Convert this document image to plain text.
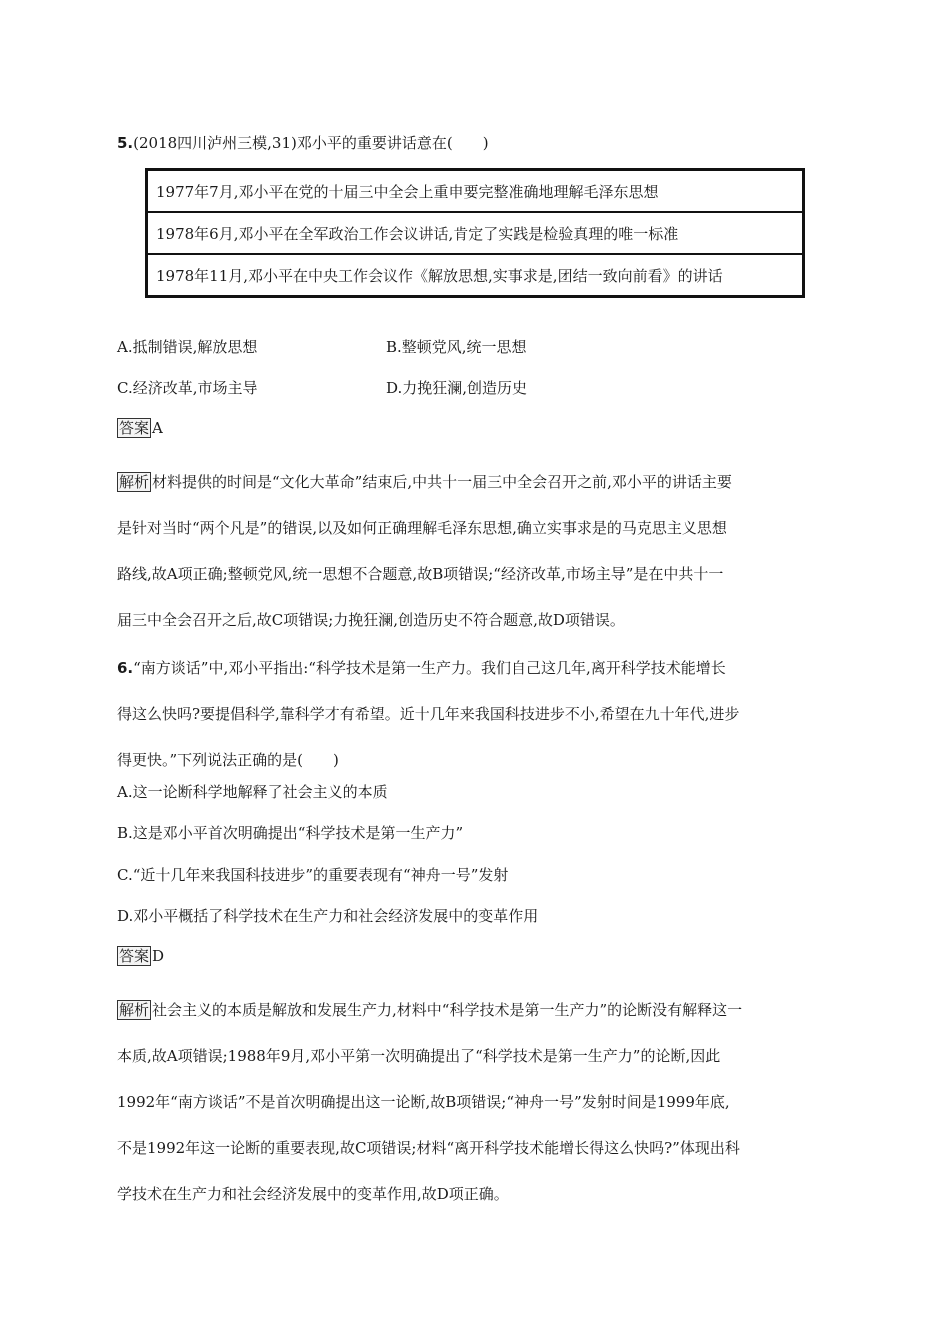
5.(2018四川泸州三模,31)邓小平的重要讲话意在(　　)
1977年7月,邓小平在党的十届三中全会上重申要完整准确地理解毛泽东思想
1978年6月,邓小平在全军政治工作会议讲话,肯定了实践是检验真理的唯一标准
1978年11月,邓小平在中央工作会议作《解放思想,实事求是,团结一致向前看》的讲话
A.抵制错误,解放思想	B.整顿党风,统一思想
C.经济改革,市场主导	D.力挽狂澜,创造历史
答案 A
解析 材料提供的时间是“文化大革命”结束后,中共十一届三中全会召开之前,邓小平的讲话主要
是针对当时“两个凡是”的错误,以及如何正确理解毛泽东思想,确立实事求是的马克思主义思想
路线,故A项正确;整顿党风,统一思想不合题意,故B项错误;“经济改革,市场主导”是在中共十一
届三中全会召开之后,故C项错误;力挽狂澜,创造历史不符合题意,故D项错误。
6.“南方谈话”中,邓小平指出:“科学技术是第一生产力。我们自己这几年,离开科学技术能增长
得这么快吗?要提倡科学,靠科学才有希望。近十几年来我国科技进步不小,希望在九十年代,进步
得更快。”下列说法正确的是(　　)
A.这一论断科学地解释了社会主义的本质
B.这是邓小平首次明确提出“科学技术是第一生产力”
C.“近十几年来我国科技进步”的重要表现有“神舟一号”发射
D.邓小平概括了科学技术在生产力和社会经济发展中的变革作用
答案 D
解析 社会主义的本质是解放和发展生产力,材料中“科学技术是第一生产力”的论断没有解释这一
本质,故A项错误;1988年9月,邓小平第一次明确提出了“科学技术是第一生产力”的论断,因此
1992年“南方谈话”不是首次明确提出这一论断,故B项错误;“神舟一号”发射时间是1999年底,
不是1992年这一论断的重要表现,故C项错误;材料“离开科学技术能增长得这么快吗?”体现出科
学技术在生产力和社会经济发展中的变革作用,故D项正确。
